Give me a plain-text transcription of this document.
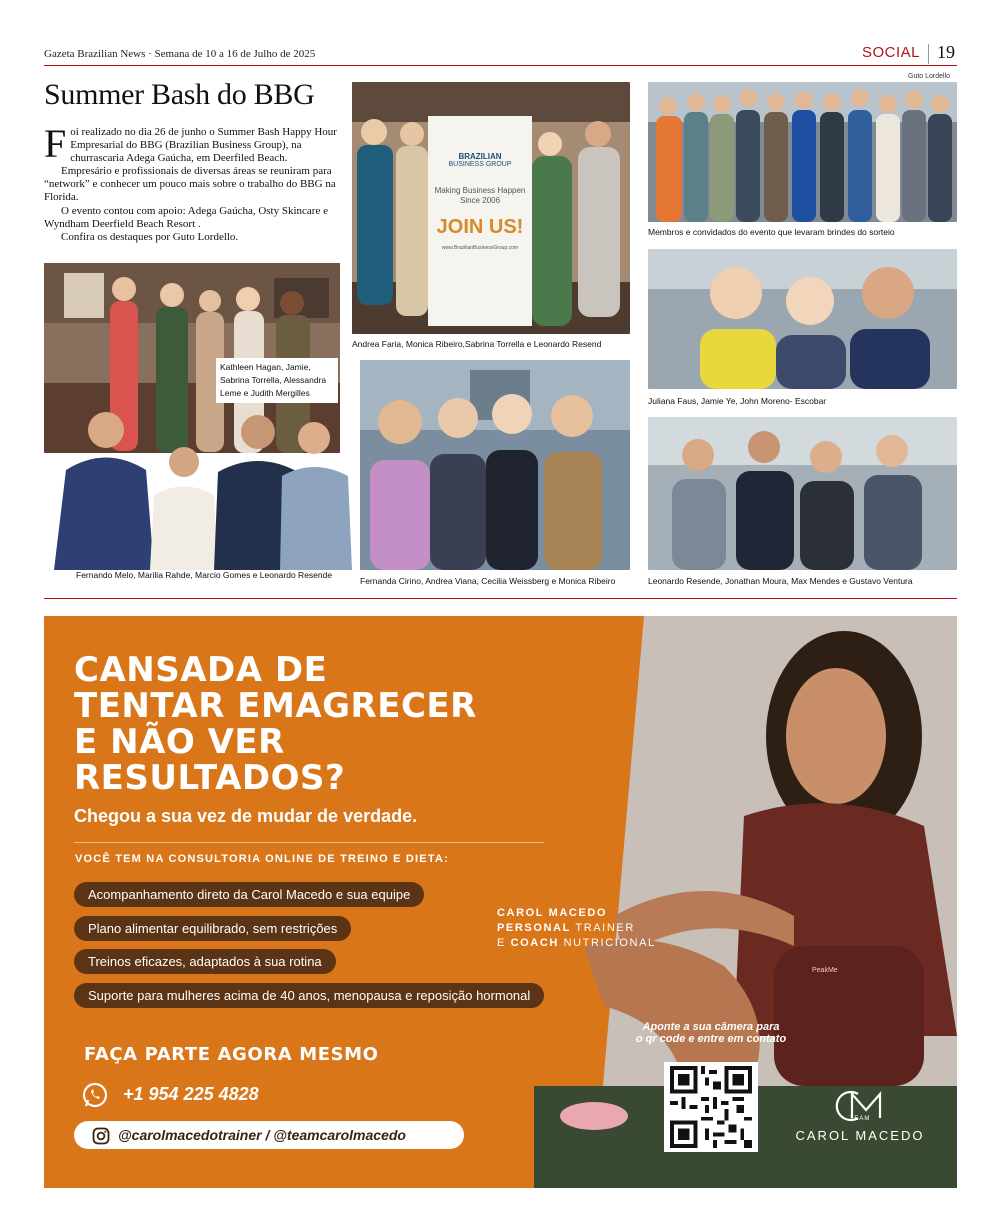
Gazeta Brazilian News · Semana de 10 a 16 de Julho de 2025	SOCIAL 19
Guto Lordello
Summer Bash do BBG

Foi realizado no dia 26 de junho o Summer Bash Happy Hour Empresarial do BBG (Brazilian Business Group), na churrascaria Adega Gaúcha, em Deerfiled Beach.

Empresário e profissionais de diversas áreas se reuniram para “network” e conhecer um pouco mais sobre o trabalho do BBG na Florida.

O evento contou com apoio: Adega Gaúcha, Osty Skincare e Wyndham Deerfield Beach Resort .

Confira os destaques por Guto Lordello.

Kathleen Hagan, Jamie, Sabrina Torrella, Alessandra Leme e Judith Mergilles
Fernando Melo, Marilia Rahde, Marcio Gomes e Leonardo Resende
BRAZILIAN
BUSINESS GROUP
Making Business Happen Since 2006
JOIN US!
www.BrazilianBusinessGroup.com
Andrea Faria, Monica Ribeiro,Sabrina Torrella e Leonardo Resend
Fernanda Cirino, Andrea Viana, Cecilia Weissberg e Monica Ribeiro
Membros e convidados do evento que levaram brindes do sorteio
Juliana Faus, Jamie Ye, John Moreno- Escobar
Leonardo Resende, Jonathan Moura, Max Mendes e Gustavo Ventura
CANSADA DE
TENTAR EMAGRECER
E NÃO VER
RESULTADOS?
Chegou a sua vez de mudar de verdade.
VOCÊ TEM NA CONSULTORIA ONLINE DE TREINO E DIETA:
Acompanhamento direto da Carol Macedo e sua equipe
Plano alimentar equilibrado, sem restrições
Treinos eficazes, adaptados à sua rotina
Suporte para mulheres acima de 40 anos, menopausa e reposição hormonal
CAROL MACEDO
PERSONAL TRAINER
E COACH NUTRICIONAL
FAÇA PARTE AGORA MESMO
+1 954 225 4828
@carolmacedotrainer / @teamcarolmacedo
Aponte a sua câmera para
o qr code e entre em contato
TEAM
CAROL MACEDO
PeakMe
